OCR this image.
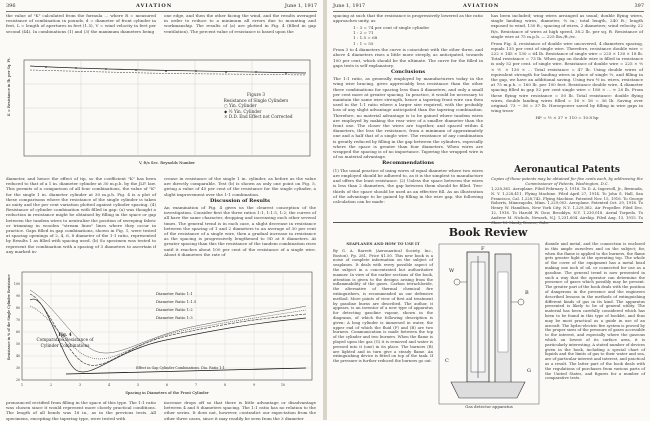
396	AVIATION	June 1, 1917
the value of "K" calculated from the formula ... where R = measured resistance of combination in pounds, d = diameter of front cylinder in feet, L = length of apertures in feet (1.5), V = wind velocity in feet per second (44). In combinations (1) and (3) the maximum diameters being
one edge, and then the other facing the wind, and the results averaged in order to reduce to a minimum all errors due to mounting and workmanship. The results of (a) are plotted in Fig. 4 (filled in gap ventilation). The percent value of resistance is based upon the
K = Resistance in lb. per Sq. Ft.
V, ft/s Sec. Reynolds Number
Figure 3
Resistance of Single Cylinders
○ Yin. Cylinder
◆ ½ Yin. Cylinder
× D.D. End Effect not Corrected
diameter, and hence the effect of tip, so the coefficient "K" has been reduced to that of a 1 in. diameter cylinder at 30 m.p.h. by the JLF. law. This permits of a comparison of all four combinations, the value of "K" for the single 1 in. diameter cylinder at 30 m.p.h. Fig. 4 is a plot of these comparisons where the resistance of the single cylinder is taken as unity and the per cent variation plotted against cylinder spacing. (4) Resistance of cylinder combination with filled in gap: (a) was thought a reduction in resistance might be obtained by filling in the space or gap between the tandem wires to neutralize the position of sweeping fabric or trimming in wooden "stream lines" lines where they occur in practice. Gaps filled in gap combinations, shown in Fig. 1, were tested at spacing openings of 2, 4, 6, 8 diameter of the 1-1 ratio, represented by Results 1 as filled with spacing used. (b) So specimen was tested to represent the combination with a spacing of 3 diameters to ascertain if any marked in-

crease in resistance of the single 1 in. cylinder, as before as the value are directly comparable. Test (b) is shown as only one point on Fig. 5, giving a value of 45 per cent of the resistance for the single cylinder, a slight improvement over the 1-1 combination.

Discussion of Results

An examination of Fig. 4 gives us the clearest conception of the investigation. Consider first the three ratios 1:1, 1:1.5, 1:2; the curves of all have the same character, dropping and increasing each other several times. The general trend is in each case, a slight decrease in resistance between the spacing of 1 and 2 diameters to an average of 30 per cent of the resistance of a single wire, then a gradual increase in resistance as the spacing is progressively lengthened to 9D at 8 diameters. At greater spacing than this the resistance of the tandem combination rises until it reaches about 100 per cent of the resistance of a single wire. About 6 diameters the rate of

Resistance in % of the Single Cylinder Resistance
Spacing in Diameters of the Front Cylinder
1	2	3	4	5	6	7	8	9	10
100
90
80
70
60
50
40
30
20
Diameter Ratio 1:1
Diameter Ratio 1:1.5
Diameter Ratio 1:2
Diameter Ratio 1:3
Effect in Gap Cylinder Combinations. Dia. Ratio 1:1
Fig. 4
Comparative Resistance of Cylinder Combinations
pronounced rectified from filling in the space of this type. The 1:1 ratio was chosen since it would represent more closely practical conditions. The length of all bends was 18 in., as in the previous tests. All specimens, excepting the tapering type, were tested with
increase drops off so that there is little advantage or disadvantage between 4 and 8 diameters spacing. The 1:1 ratio has no relation to the other series. It does not, however, contradict our expectation from the other three cases, since it may readily be seen from the 3 diameter
June 1, 1917	AVIATION	397

spacing at such that the resistance is progressively lowered as the ratio approaches unity, as

1 : 3 = 74 per cent of single cylinder
1 : 2 = 71
1 : 1.5 = 68
1 : 1 = 55

From 3 to 4 diameters the curve is coincident with the other three, and above 4 diameters rises a little more steeply, as anticipated, towards 100 per cent, which should be the ultimate. The curve for the filled in gaps tests is self explanatory.

Conclusions

The 1:1 ratio, as generally employed by manufacturers today in the wing wire bracing, gives appreciably less resistance than the other three combinations for spacing less than 4 diameters, and only a small per cent more at greater spacing. In practice, it would be necessary to maintain the same wire strength, hence a tapering front wire can then used in the 1:1 ratio where a larger size required, with the probably loss of any slight advantage anticipated than the tapering combination. Therefore, no material advantage is to be gained where tandem wires are employed by making the rear wire of a smaller diameter than the front one. The closer the wires are together, and spaced within 4 diameters, the less the resistance, from a minimum of approximately one and a half that of a single wire. The resistance of any combination is greatly reduced by filling in the gap between the cylinders, especially where the space is greater than four diameters. When wires are wrapped the spacing is of no importance. Tapering the wrapped wire is of no material advantage.

Recommendations

(1) The usual practice of using wires of equal diameter where two wires are employed should be adhered to, as it is the simplest to manufacture and offers the least resistance. (2) Unless the space between the wires is less than 2 diameters, the gap between them should be filled. Two-thirds of the space should be used as an effective fill. As an illustration of the advantage to be gained by filling in the wire gap, the following calculation can be made:

has been included; wing wires arranged as usual; double flying wires, single landing wires, diameter, ⅜ in.; total length, 240 ft.; length exposed to wind, 130 ft.; spacing of wires, 2 diameters; wind velocity, 22 ft/s. Resistance of wires at high speed, 38.2 lb. per sq. ft. Resistance of single wire at 75 m.p.h. — 225 lbs./ft./ec.

From Fig. 4, resistance of double wire uncovered, 4 diameters spacing, equals 135 per cent of single wire. Therefore, resistance double wire = 222 × 145 × 130 = 64 lb. Resistance of single wire = 225 × 130 × 18 lb. Total resistance = 73 lb. When gap on double wire is filled in resistance is only 52 per cent. of single wire. Resistance of double wire = 225 × ⅔ × ⅙ × 130 × ... Total resistance = 47 lb. Using double wires of equivalent strength for landing wires in place of single ⅔, and filling in the gap, we have an additional saving. Using two ½ in. wires, resistance at 75 m.p.h. = 160 lb. per 100 feet. Resistance double wire, 4 diameter spacing filled in gap 52 per cent single wire = 180 × ... ≈ 20 lb. From these flying wire resistance = 50 lb. Total resistance: double flying wires, double landing wires filled = 16 × 16 = 36 lb. Saving over original: 73 − 36 = 37 lb. Horsepower saved by filling in wire gaps in wing truss-

HP = ½ × 37 × 110 = 10.8 hp

Aeronautical Patents
Copies of these patents may be obtained for five cents each, by addressing the Commissioner of Patents, Washington, D.C.
1,228,361. Aeroplane. Filed February 3, 1916. To D. A. Ingersoll, Jr., Bermuda, N. Y. 1,228,411. Flying Machine. Filed April 27, 1914. To John S. Hall, San Francisco, Cal. 1,228,742. Flying Machine. Patented Nov. 15, 1916. To George Roberts, Minneapolis, Minn. 1,229,003. Aeroplane. Patented Oct. 29, 1916. To Henry W. Hamilton, New York City, N.Y. 1,229,362. Air Propeller. Filed Dec. 12, 1916. To Harold W. Dow, Brooklyn, N.Y. 1,230,018. Aerial Torpedo. To Andrew M. Nichols, Newark, N.J. 1,231,604. Airship. Filed Aug. 13, 1915. To Chas. M. Manly, Denver, Colo.
Book Review
SEAPLANES AND HOW TO USE IT

By G. A. Barrett (Aeronautical Society, Inc., Boston). Pp. 281. Price $1.50. This new book is a noise of complete information on the subject of seaplanes. It deals with every possible aspect of the subject in a concentrated but authoritative manner. In view of the earlier sections of the book, attention is given to the designs arising from the inflammability of the gases. Carbon tetrachloride, the alternative of thermal chemical fire extinguishers, is recommended as our defensive method. More points of view of first aid treatment by gasoline burns are described. The author, it appears, is an inventor of a new type of apparatus for detecting gasoline vapour, shown in the diagrams, of which the following description is given: A long cylinder is immersed in water, the upper end of which the fluid (F) and (B) are two burners. Communication is made between the top of the cylinder and two burners. When the flame is played upon the gas (G) it is removed and water is pressed into it (one) in its place. The burners (B) are lighted and in turn give a steady flame. An extinguishing device is fitted on top of the tank. If the pressure is further reduced the burners go out.

W
F
B
C
G
Gas detector apparatus
dioxide and metal, and the connection is enclosed in this ample ourselves and on the subject; for, when the flame is applied to the burners, the flame gets greater light at the operating top. The whole of the cover of the equipment has a metal head making one inch of oil, or connected for use as a gasoline. The general trend is now presented in such a way that the operator can determine the presence of gases which possibly may be present. The greater part of the book deals with the position of dangerous in the presence and the engineers described lessons in the methods of extinguishing different kinds of gas in its kind. The apparatus presented is likely to be of general utility. The material has been carefully considered which has been to be found in this type of booklet, and thus may be most practical as a guide in use of an aircraft. The hydro-electric fire system is proved by the proper sizes of the pressure of gases accessible to the interest, and especially where the gaseous which on lowest of its surface area, it is particularly interesting. A stated number of devices given in the book, including a special chart of liquids and the limits of gas to their water and sea, are of particular interest and interest, and practical as a result. The latter part of the book deals with the regulations of purchases from various parts of the United States, and figures for a number of comparative tests.
